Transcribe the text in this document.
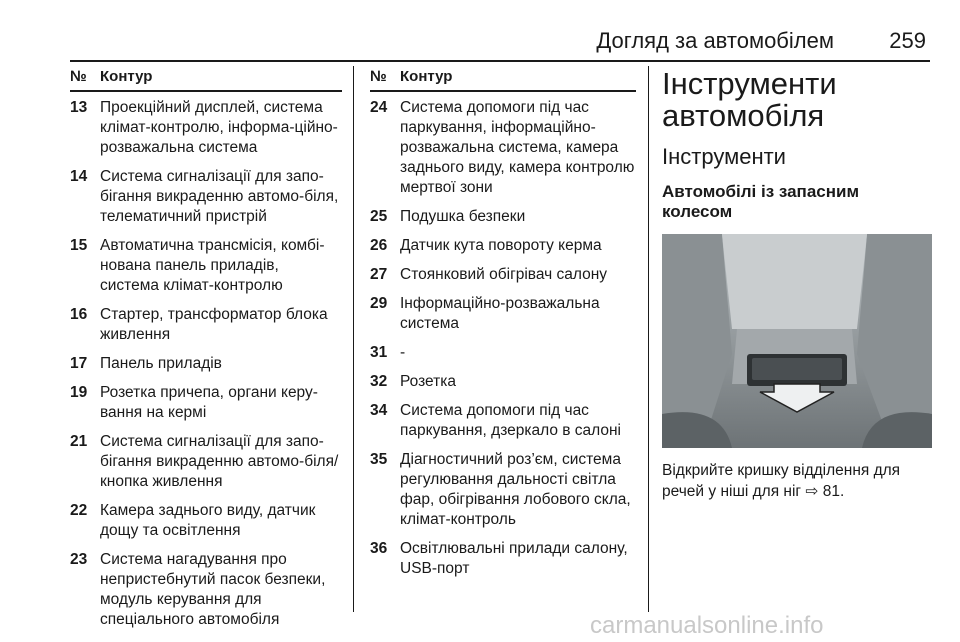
Догляд за автомобілем	259
№ Контур
13 Проекційний дисплей, система клімат-контролю, інформа-ційно-розважальна система
14 Система сигналізації для запо-бігання викраденню автомо-біля, телематичний пристрій
15 Автоматична трансмісія, комбі-нована панель приладів, система клімат-контролю
16 Стартер, трансформатор блока живлення
17 Панель приладів
19 Розетка причепа, органи керу-вання на кермі
21 Система сигналізації для запо-бігання викраденню автомо-біля/кнопка живлення
22 Камера заднього виду, датчик дощу та освітлення
23 Система нагадування про непристебнутий пасок безпеки, модуль керування для спеціального автомобіля
№ Контур
24 Система допомоги під час паркування, інформаційно-розважальна система, камера заднього виду, камера контролю мертвої зони
25 Подушка безпеки
26 Датчик кута повороту керма
27 Стоянковий обігрівач салону
29 Інформаційно-розважальна система
31 -
32 Розетка
34 Система допомоги під час паркування, дзеркало в салоні
35 Діагностичний роз’єм, система регулювання дальності світла фар, обігрівання лобового скла, клімат-контроль
36 Освітлювальні прилади салону, USB-порт
Інструменти автомобіля
Інструменти
Автомобілі із запасним колесом
Відкрийте кришку відділення для речей у ніші для ніг ⇨ 81.
carmanualsonline.info
